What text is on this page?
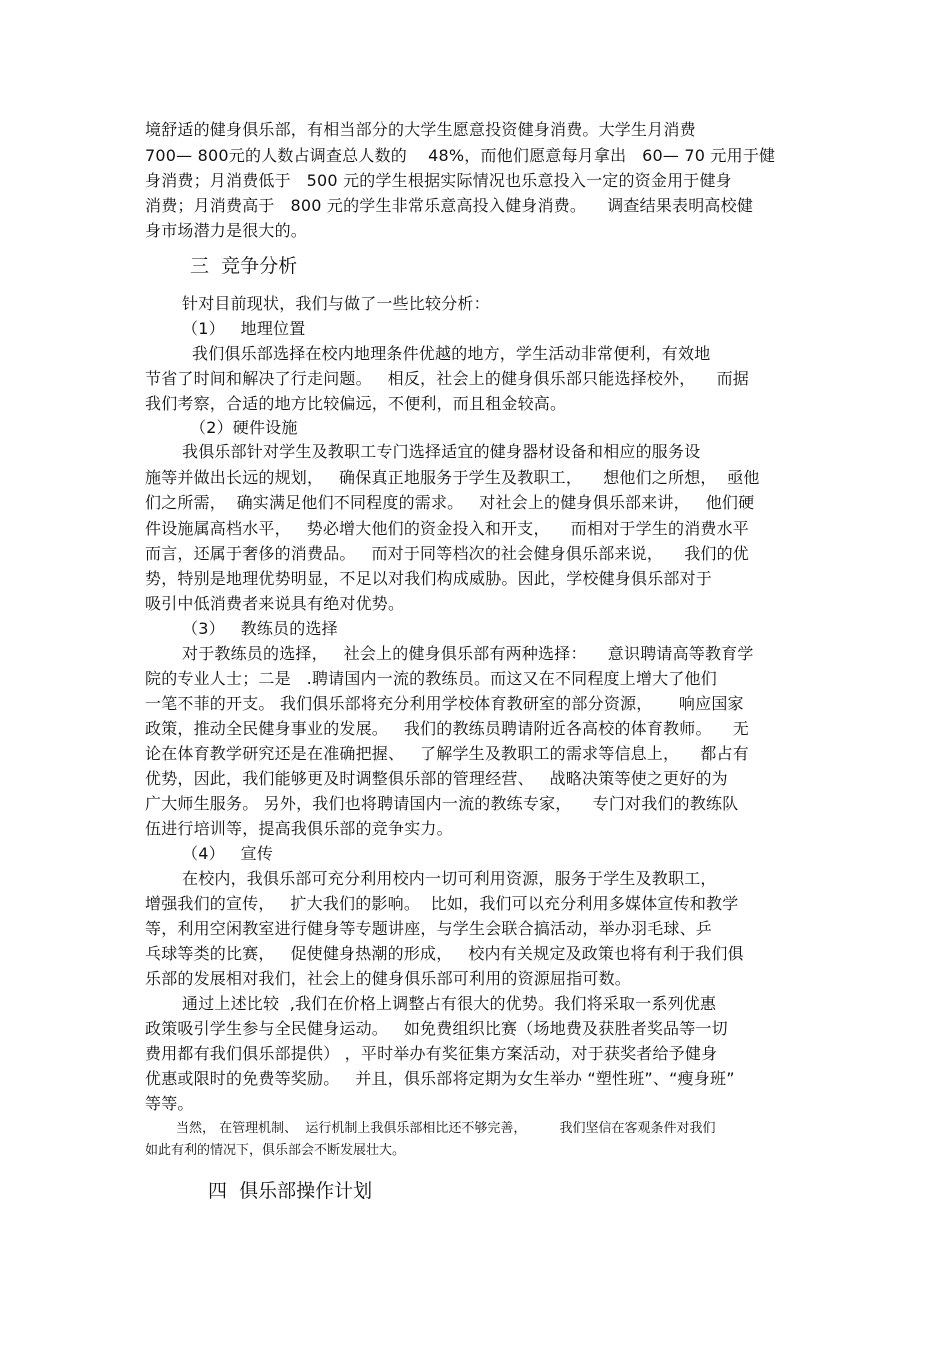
境舒适的健身俱乐部，有相当部分的大学生愿意投资健身消费。大学生月消费
700— 800元的人数占调查总人数的    48%，而他们愿意每月拿出   60— 70 元用于健
身消费；月消费低于   500 元的学生根据实际情况也乐意投入一定的资金用于健身
消费；月消费高于   800 元的学生非常乐意高投入健身消费。    调查结果表明高校健
身市场潜力是很大的。
三  竞争分析
针对目前现状，我们与做了一些比较分析：
（1）   地理位置
我们俱乐部选择在校内地理条件优越的地方，学生活动非常便利，有效地
节省了时间和解决了行走问题。   相反，社会上的健身俱乐部只能选择校外，    而据
我们考察，合适的地方比较偏远，不便利，而且租金较高。
（2）硬件设施
我俱乐部针对学生及教职工专门选择适宜的健身器材设备和相应的服务设
施等并做出长远的规划，   确保真正地服务于学生及教职工，    想他们之所想，  亟他
们之所需，  确实满足他们不同程度的需求。   对社会上的健身俱乐部来讲，   他们硬
件设施属高档水平，   势必增大他们的资金投入和开支，    而相对于学生的消费水平
而言，还属于奢侈的消费品。   而对于同等档次的社会健身俱乐部来说，    我们的优
势，特别是地理优势明显，不足以对我们构成威胁。因此，学校健身俱乐部对于
吸引中低消费者来说具有绝对优势。
（3）   教练员的选择
对于教练员的选择，   社会上的健身俱乐部有两种选择：    意识聘请高等教育学
院的专业人士；二是   .聘请国内一流的教练员。而这又在不同程度上增大了他们
一笔不菲的开支。 我们俱乐部将充分利用学校体育教研室的部分资源，     响应国家
政策，推动全民健身事业的发展。   我们的教练员聘请附近各高校的体育教师。    无
论在体育教学研究还是在准确把握、   了解学生及教职工的需求等信息上，    都占有
优势，因此，我们能够更及时调整俱乐部的管理经营、   战略决策等使之更好的为
广大师生服务。 另外，我们也将聘请国内一流的教练专家，    专门对我们的教练队
伍进行培训等，提高我俱乐部的竞争实力。
（4）   宣传
在校内，我俱乐部可充分利用校内一切可利用资源，服务于学生及教职工，
增强我们的宣传，   扩大我们的影响。  比如，我们可以充分利用多媒体宣传和教学
等，利用空闲教室进行健身等专题讲座，与学生会联合搞活动，举办羽毛球、乒
乓球等类的比赛，   促使健身热潮的形成，   校内有关规定及政策也将有利于我们俱
乐部的发展相对我们，社会上的健身俱乐部可利用的资源屈指可数。
通过上述比较  ,我们在价格上调整占有很大的优势。我们将采取一系列优惠
政策吸引学生参与全民健身运动。   如免费组织比赛（场地费及获胜者奖品等一切
费用都有我们俱乐部提供） ，平时举办有奖征集方案活动，对于获奖者给予健身
优惠或限时的免费等奖励。   并且，俱乐部将定期为女生举办 “塑性班”、“瘦身班”
等等。
当然， 在管理机制、  运行机制上我俱乐部相比还不够完善，        我们坚信在客观条件对我们
如此有利的情况下，俱乐部会不断发展壮大。
四  俱乐部操作计划
